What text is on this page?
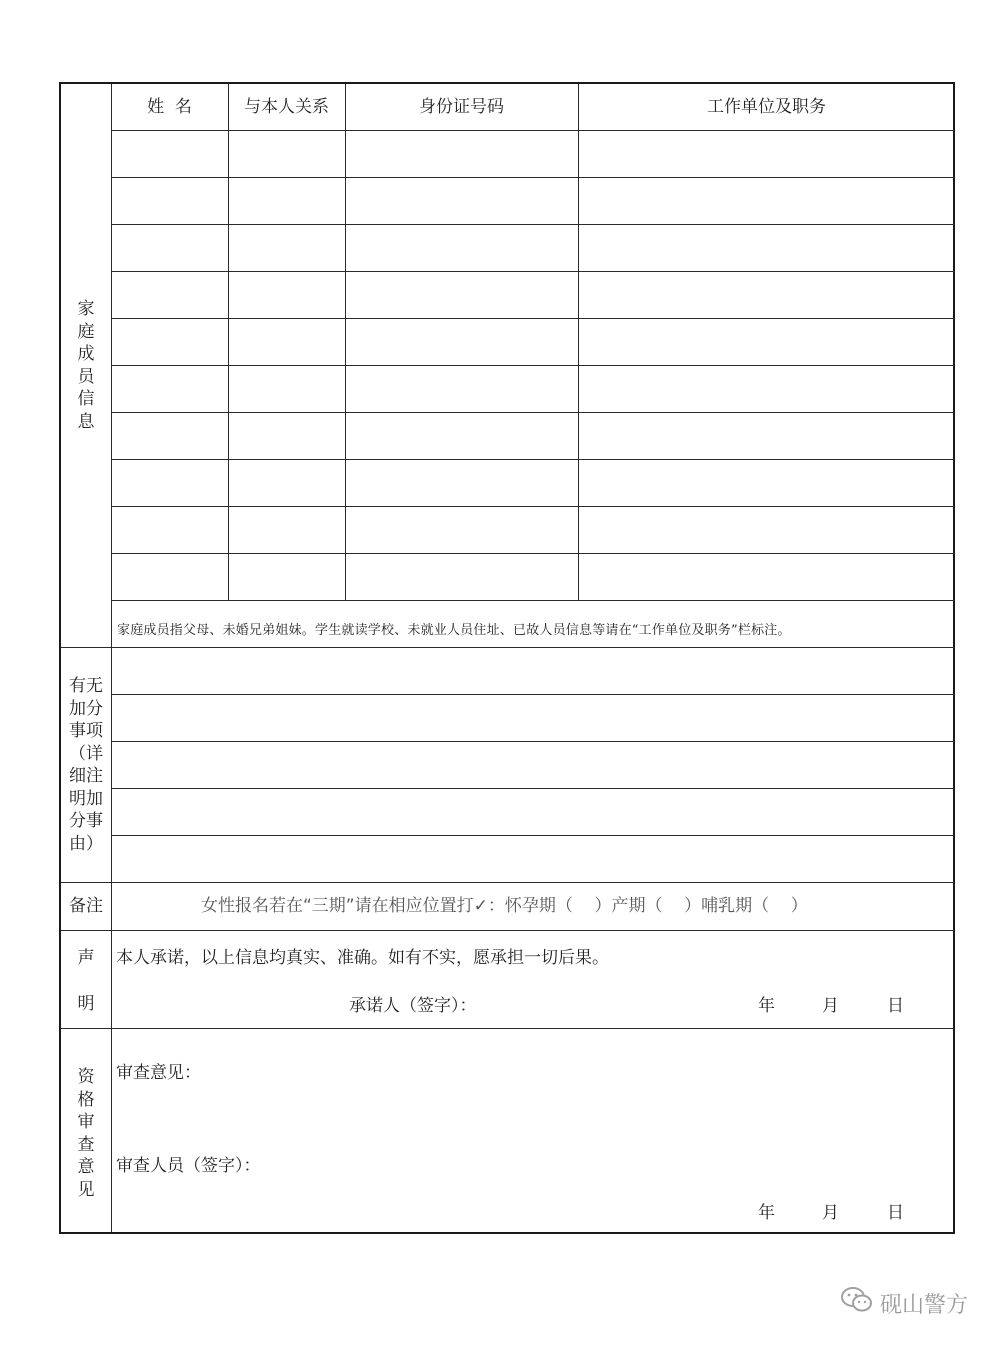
家庭成员信息
姓  名	与本人关系	身份证号码	工作单位及职务
家庭成员指父母、未婚兄弟姐妹。学生就读学校、未就业人员住址、已故人员信息等请在“工作单位及职务”栏标注。
有无
加分
事项
（详
细注
明加
分事
由）
备注	女性报名若在“三期”请在相应位置打✓：怀孕期（    ）产期（    ）哺乳期（    ）
声
明
本人承诺，以上信息均真实、准确。如有不实，愿承担一切后果。
承诺人（签字）：	年	月	日
资
格
审
查
意
见
审查意见：
审查人员（签字）：
年	月	日
砚山警方
